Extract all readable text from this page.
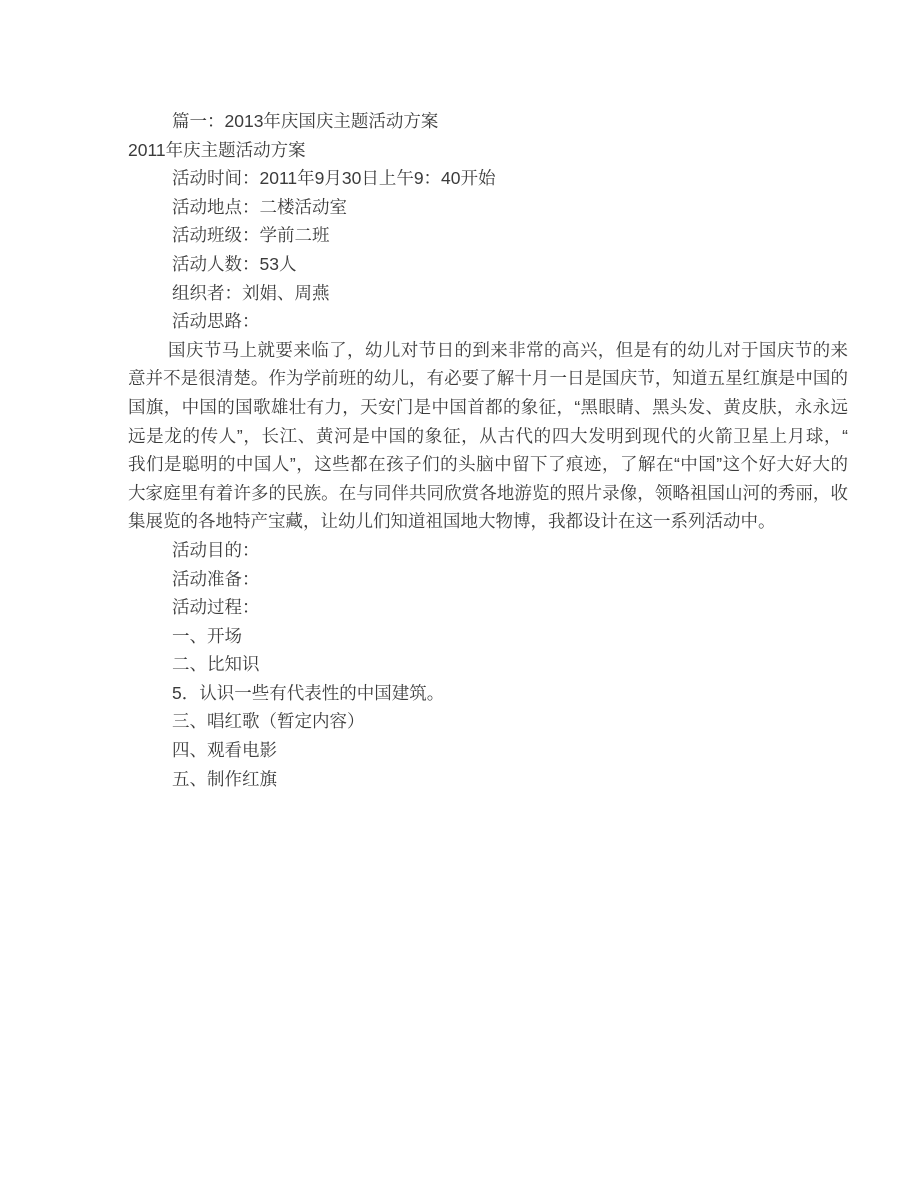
篇一：2013年庆国庆主题活动方案

2011年庆主题活动方案

活动时间：2011年9月30日上午9：40开始

活动地点：二楼活动室

活动班级：学前二班

活动人数：53人

组织者：刘娟、周燕

活动思路：

国庆节马上就要来临了，幼儿对节日的到来非常的高兴，但是有的幼儿对于国庆节的来

意并不是很清楚。作为学前班的幼儿，有必要了解十月一日是国庆节，知道五星红旗是中国的

国旗，中国的国歌雄壮有力，天安门是中国首都的象征，“黑眼睛、黑头发、黄皮肤，永永远

远是龙的传人”，长江、黄河是中国的象征，从古代的四大发明到现代的火箭卫星上月球，“

我们是聪明的中国人”，这些都在孩子们的头脑中留下了痕迹，了解在“中国”这个好大好大的

大家庭里有着许多的民族。在与同伴共同欣赏各地游览的照片录像，领略祖国山河的秀丽，收

集展览的各地特产宝藏，让幼儿们知道祖国地大物博，我都设计在这一系列活动中。

活动目的：

活动准备：

活动过程：

一、开场

二、比知识

5．认识一些有代表性的中国建筑。

三、唱红歌（暂定内容）

四、观看电影

五、制作红旗
